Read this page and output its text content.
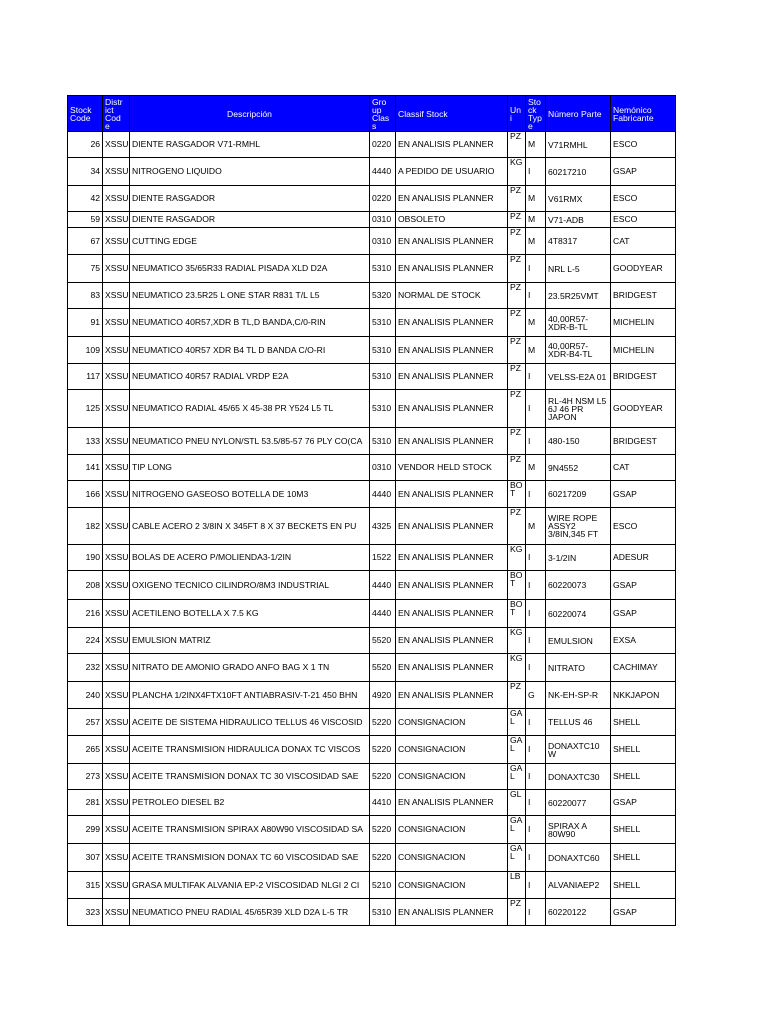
Stock Code	Distr ict Cod e	Descripción	Gro up Clas s	Classif Stock	Un i	Sto ck Typ e	Número Parte	Nemónico Fabricante
26	XSSU	DIENTE RASGADOR V71-RMHL	0220	EN ANALISIS PLANNER	PZ	M	V71RMHL	ESCO
34	XSSU	NITROGENO LIQUIDO	4440	A PEDIDO DE USUARIO	KG	I	60217210	GSAP
42	XSSU	DIENTE RASGADOR	0220	EN ANALISIS PLANNER	PZ	M	V61RMX	ESCO
59	XSSU	DIENTE RASGADOR	0310	OBSOLETO	PZ	M	V71-ADB	ESCO
67	XSSU	CUTTING EDGE	0310	EN ANALISIS PLANNER	PZ	M	4T8317	CAT
75	XSSU	NEUMATICO 35/65R33 RADIAL PISADA XLD D2A	5310	EN ANALISIS PLANNER	PZ	I	NRL L-5	GOODYEAR
83	XSSU	NEUMATICO 23.5R25 L ONE STAR R831 T/L L5	5320	NORMAL DE STOCK	PZ	I	23.5R25VMT	BRIDGEST
91	XSSU	NEUMATICO 40R57,XDR B TL,D BANDA,C/0-RIN	5310	EN ANALISIS PLANNER	PZ	M	40,00R57-XDR-B-TL	MICHELIN
109	XSSU	NEUMATICO 40R57 XDR B4 TL D BANDA C/O-RI	5310	EN ANALISIS PLANNER	PZ	M	40,00R57-XDR-B4-TL	MICHELIN
117	XSSU	NEUMATICO 40R57 RADIAL VRDP E2A	5310	EN ANALISIS PLANNER	PZ	I	VELSS-E2A 01	BRIDGEST
125	XSSU	NEUMATICO RADIAL 45/65 X 45-38 PR Y524 L5 TL	5310	EN ANALISIS PLANNER	PZ	I	RL-4H NSM L5 6J 46 PR JAPON	GOODYEAR
133	XSSU	NEUMATICO PNEU NYLON/STL 53.5/85-57 76 PLY CO(CA	5310	EN ANALISIS PLANNER	PZ	I	480-150	BRIDGEST
141	XSSU	TIP LONG	0310	VENDOR HELD STOCK	PZ	M	9N4552	CAT
166	XSSU	NITROGENO GASEOSO BOTELLA DE 10M3	4440	EN ANALISIS PLANNER	BO T	I	60217209	GSAP
182	XSSU	CABLE ACERO 2 3/8IN X 345FT 8 X 37 BECKETS EN PU	4325	EN ANALISIS PLANNER	PZ	M	WIRE ROPE ASSY2 3/8IN,345 FT	ESCO
190	XSSU	BOLAS DE ACERO P/MOLIENDA3-1/2IN	1522	EN ANALISIS PLANNER	KG	I	3-1/2IN	ADESUR
208	XSSU	OXIGENO TECNICO CILINDRO/8M3 INDUSTRIAL	4440	EN ANALISIS PLANNER	BO T	I	60220073	GSAP
216	XSSU	ACETILENO BOTELLA X 7.5 KG	4440	EN ANALISIS PLANNER	BO T	I	60220074	GSAP
224	XSSU	EMULSION MATRIZ	5520	EN ANALISIS PLANNER	KG	I	EMULSION	EXSA
232	XSSU	NITRATO DE AMONIO GRADO ANFO BAG X 1 TN	5520	EN ANALISIS PLANNER	KG	I	NITRATO	CACHIMAY
240	XSSU	PLANCHA 1/2INX4FTX10FT ANTIABRASIV-T-21 450 BHN	4920	EN ANALISIS PLANNER	PZ	G	NK-EH-SP-R	NKKJAPON
257	XSSU	ACEITE DE SISTEMA HIDRAULICO TELLUS 46 VISCOSID	5220	CONSIGNACION	GA L	I	TELLUS 46	SHELL
265	XSSU	ACEITE TRANSMISION HIDRAULICA DONAX TC VISCOS	5220	CONSIGNACION	GA L	I	DONAXTC10 W	SHELL
273	XSSU	ACEITE TRANSMISION DONAX TC 30 VISCOSIDAD SAE	5220	CONSIGNACION	GA L	I	DONAXTC30	SHELL
281	XSSU	PETROLEO DIESEL B2	4410	EN ANALISIS PLANNER	GL	I	60220077	GSAP
299	XSSU	ACEITE TRANSMISION SPIRAX A80W90 VISCOSIDAD SA	5220	CONSIGNACION	GA L	I	SPIRAX A 80W90	SHELL
307	XSSU	ACEITE TRANSMISION DONAX TC 60 VISCOSIDAD SAE	5220	CONSIGNACION	GA L	I	DONAXTC60	SHELL
315	XSSU	GRASA MULTIFAK ALVANIA EP-2 VISCOSIDAD NLGI 2 CI	5210	CONSIGNACION	LB	I	ALVANIAEP2	SHELL
323	XSSU	NEUMATICO PNEU RADIAL 45/65R39 XLD D2A L-5 TR	5310	EN ANALISIS PLANNER	PZ	I	60220122	GSAP
